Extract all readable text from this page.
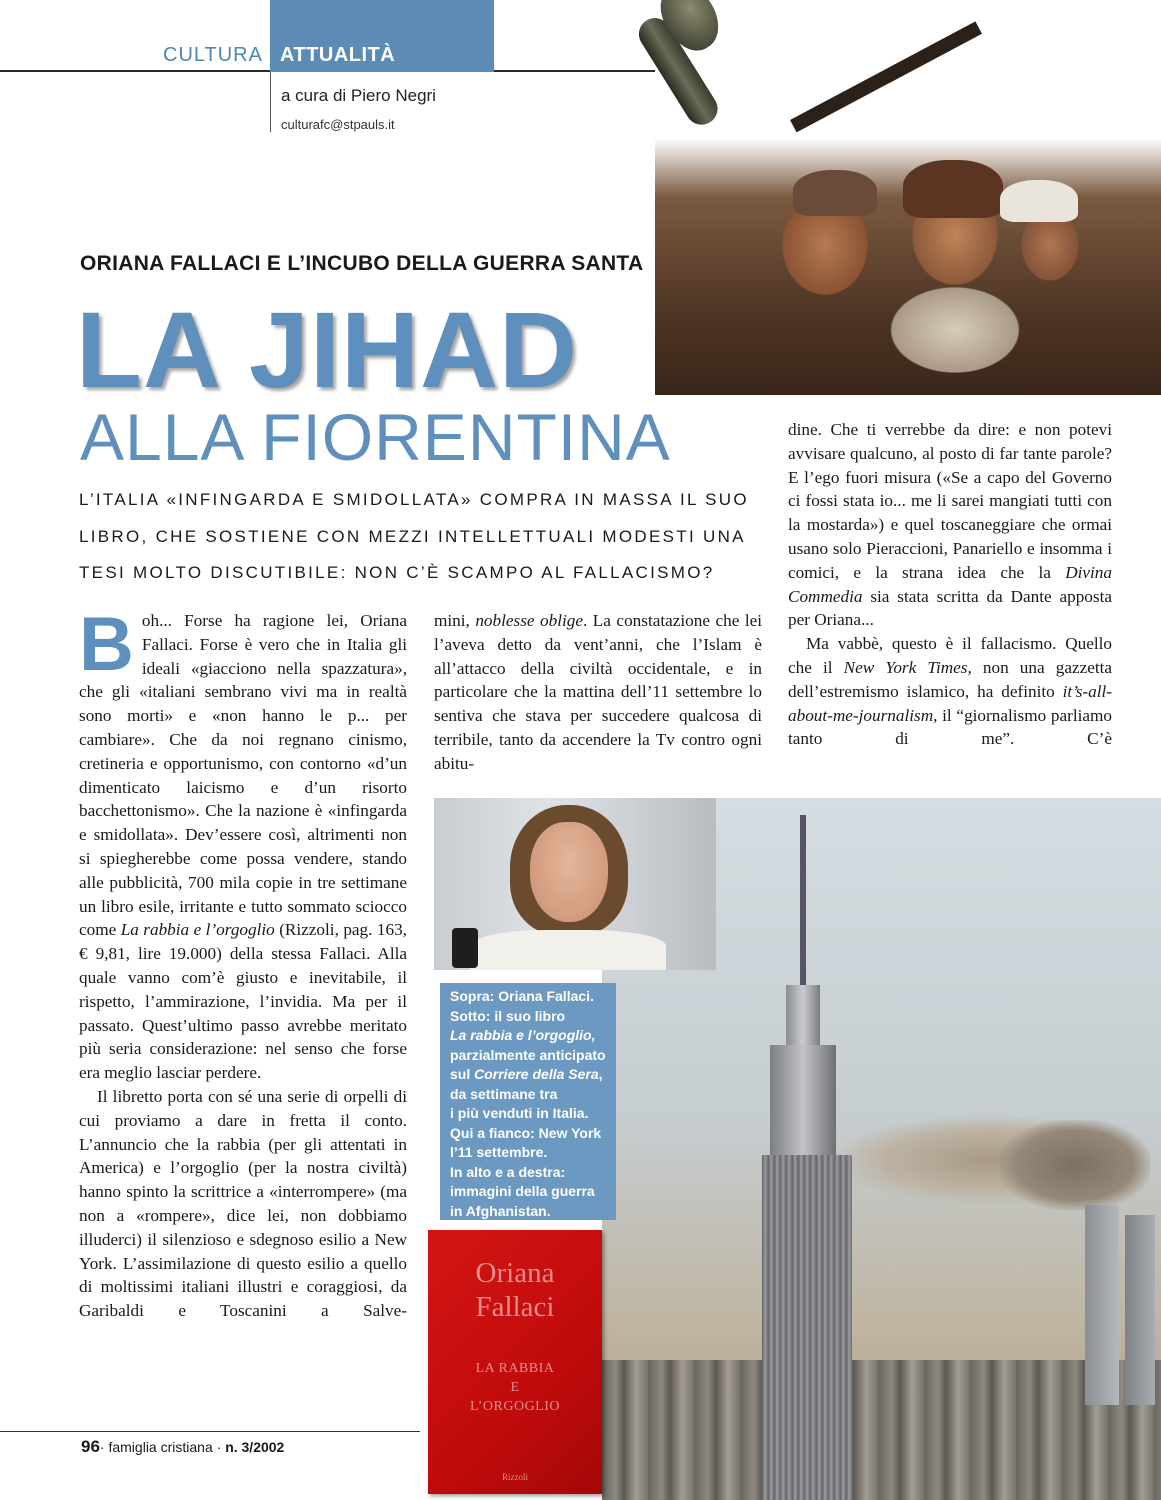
CULTURA ATTUALITÀ
a cura di Piero Negri
culturafc@stpauls.it
ORIANA FALLACI E L’INCUBO DELLA GUERRA SANTA
LA JIHAD
ALLA FIORENTINA
L’ITALIA «INFINGARDA E SMIDOLLATA» COMPRA IN MASSA IL SUO
LIBRO, CHE SOSTIENE CON MEZZI INTELLETTUALI MODESTI UNA
TESI MOLTO DISCUTIBILE: NON C’È SCAMPO AL FALLACISMO?

Boh... Forse ha ragione lei, Oriana Fallaci. Forse è vero che in Italia gli ideali «giacciono nella spazzatura», che gli «italiani sembrano vivi ma in realtà sono morti» e «non hanno le p... per cambiare». Che da noi regnano cinismo, cretineria e opportunismo, con contorno «d’un dimenticato laicismo e d’un risorto bacchettonismo». Che la nazione è «infingarda e smidollata». Dev’essere così, altrimenti non si spiegherebbe come possa vendere, stando alle pubblicità, 700 mila copie in tre settimane un libro esile, irritante e tutto sommato sciocco come La rabbia e l’orgoglio (Rizzoli, pag. 163, € 9,81, lire 19.000) della stessa Fallaci. Alla quale vanno com’è giusto e inevitabile, il rispetto, l’ammirazione, l’invidia. Ma per il passato. Quest’ultimo passo avrebbe meritato più seria considerazione: nel senso che forse era meglio lasciar perdere.

Il libretto porta con sé una serie di orpelli di cui proviamo a dare in fretta il conto. L’annuncio che la rabbia (per gli attentati in America) e l’orgoglio (per la nostra civiltà) hanno spinto la scrittrice a «interrompere» (ma non a «rompere», dice lei, non dobbiamo illuderci) il silenzioso e sdegnoso esilio a New York. L’assimilazione di questo esilio a quello di moltissimi italiani illustri e coraggiosi, da Garibaldi e Toscanini a Salve-

mini, noblesse oblige. La constatazione che lei l’aveva detto da vent’anni, che l’Islam è all’attacco della civiltà occidentale, e in particolare che la mattina dell’11 settembre lo sentiva che stava per succedere qualcosa di terribile, tanto da accendere la Tv contro ogni abitu-

dine. Che ti verrebbe da dire: e non potevi avvisare qualcuno, al posto di far tante parole? E l’ego fuori misura («Se a capo del Governo ci fossi stata io... me li sarei mangiati tutti con la mostarda») e quel toscaneggiare che ormai usano solo Pieraccioni, Panariello e insomma i comici, e la strana idea che la Divina Commedia sia stata scritta da Dante apposta per Oriana...

Ma vabbè, questo è il fallacismo. Quello che il New York Times, non una gazzetta dell’estremismo islamico, ha definito it’s-all-about-me-journalism, il “giornalismo parliamo tanto di me”. C’è

Sopra: Oriana Fallaci.
Sotto: il suo libro
La rabbia e l’orgoglio,
parzialmente anticipato
sul Corriere della Sera,
da settimane tra
i più venduti in Italia.
Qui a fianco: New York
l’11 settembre.
In alto e a destra:
immagini della guerra
in Afghanistan.
Oriana
Fallaci
LA RABBIA
E
L’ORGOGLIO
Rizzoli
96· famiglia cristiana · n. 3/2002
